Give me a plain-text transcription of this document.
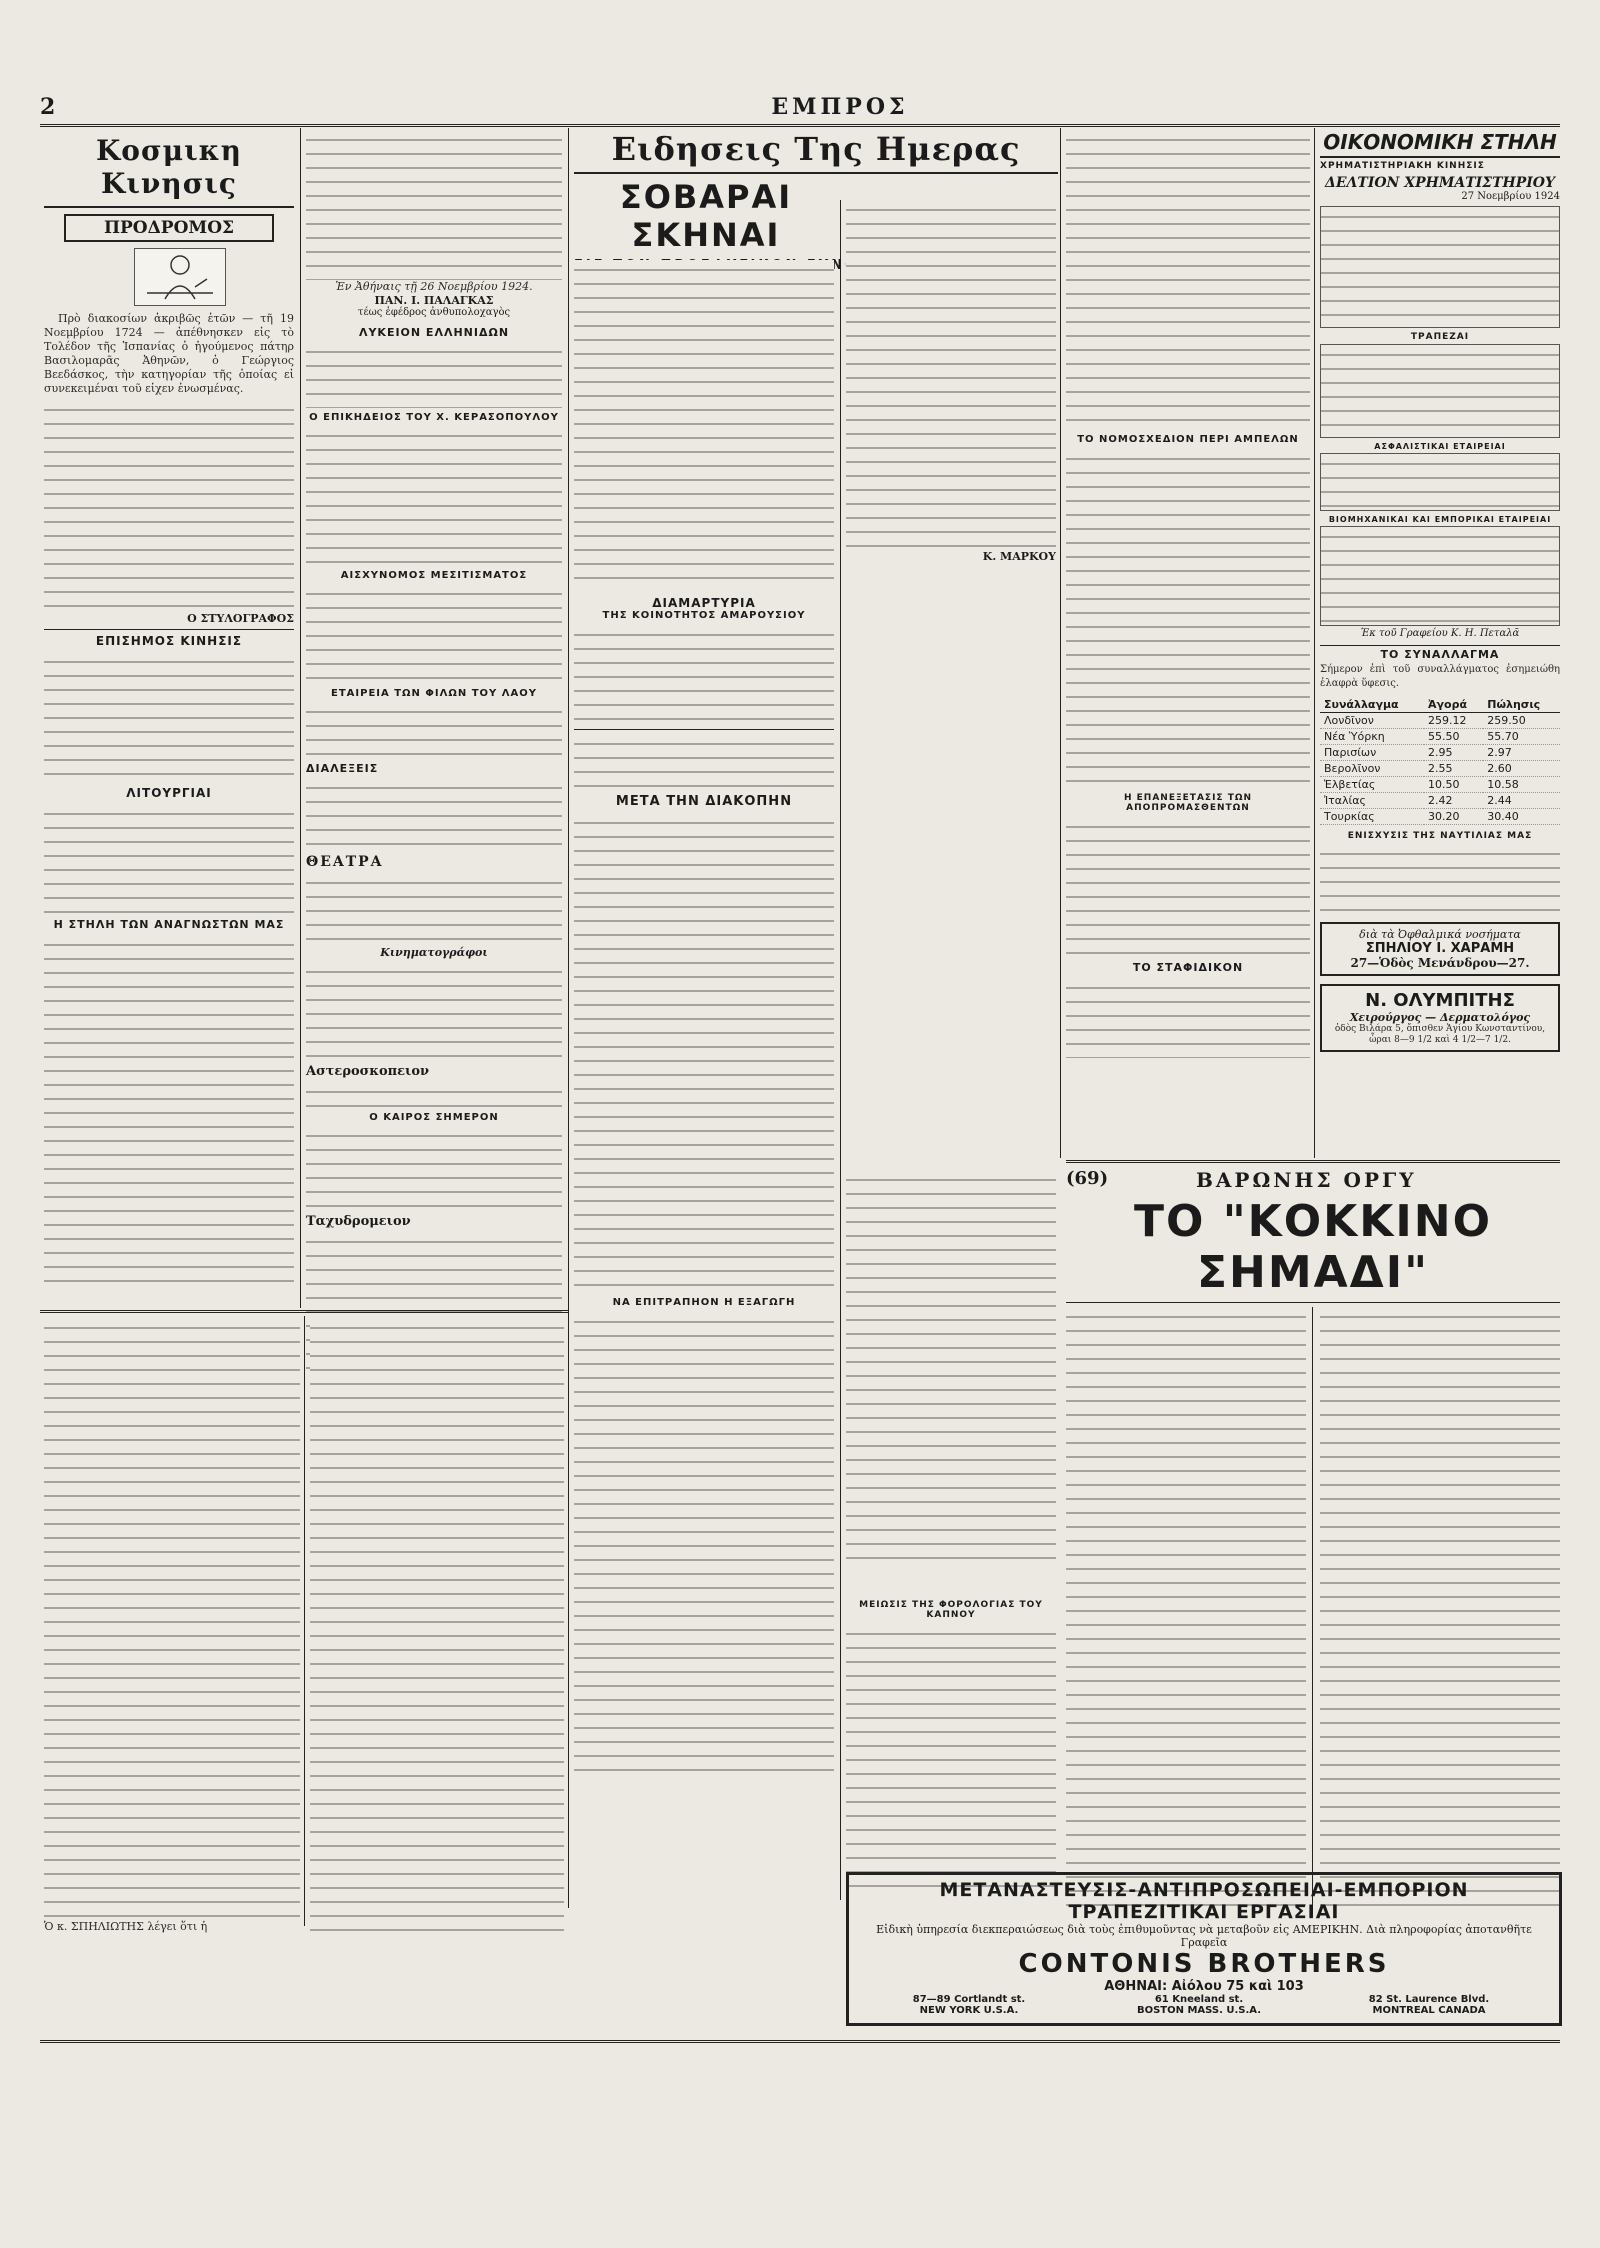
2	ΕΜΠΡΟΣ
Κοσμικη Κινησις
ΠΡΟΔΡΟΜΟΣ
Πρὸ διακοσίων ἀκριβῶς ἐτῶν — τῆ 19 Νοεμβρίου 1724 — ἀπέθνησκεν εἰς τὸ Τολέδον τῆς Ἱσπανίας ὁ ἡγούμενος πάτηρ Βασιλομαρᾶς Ἀθηνῶν, ὁ Γεώργιος Βεεδάσκος, τὴν κατηγορίαν τῆς ὁποίας εἰ συνεκειμέναι τοῦ εἰχεν ἐνωσμένας.
Ο ΣΤΥΛΟΓΡΑΦΟΣ
ΕΠΙΣΗΜΟΣ ΚΙΝΗΣΙΣ
ΛΙΤΟΥΡΓΙΑΙ
Η ΣΤΗΛΗ ΤΩΝ ΑΝΑΓΝΩΣΤΩΝ ΜΑΣ
Ἐν Ἀθήναις τῇ 26 Νοεμβρίου 1924.
ΠΑΝ. Ι. ΠΑΛΑΓΚΑΣ
τέως ἐφέδρος ἀνθυπολοχαγὸς
ΛΥΚΕΙΟΝ ΕΛΛΗΝΙΔΩΝ
Ο ΕΠΙΚΗΔΕΙΟΣ ΤΟΥ Χ. ΚΕΡΑΣΟΠΟΥΛΟΥ
ΑΙΣΧΥΝΟΜΟΣ ΜΕΣΙΤΙΣΜΑΤΟΣ
ΕΤΑΙΡΕΙΑ ΤΩΝ ΦΙΛΩΝ ΤΟΥ ΛΑΟΥ
ΔΙΑΛΕΞΕΙΣ
ΘΕΑΤΡΑ
Κινηματογράφοι
Αστεροσκοπειον
Ο ΚΑΙΡΟΣ ΣΗΜΕΡΟΝ
Ταχυδρομειον
Ειδησεις Της Ημερας
ΣΟΒΑΡΑΙ ΣΚΗΝΑΙ
ΔΙΑΜΑΡΤΥΡΙΑ
ΤΗΣ ΚΟΙΝΟΤΗΤΟΣ ΑΜΑΡΟΥΣΙΟΥ
ΜΕΤΑ ΤΗΝ ΔΙΑΚΟΠΗΝ
ΝΑ ΕΠΙΤΡΑΠΗΟΝ Η ΕΞΑΓΩΓΗ
Κ. ΜΑΡΚΟΥ
ΤΟ ΝΟΜΟΣΧΕΔΙΟΝ ΠΕΡΙ ΑΜΠΕΛΩΝ
Η ΕΠΑΝΕΞΕΤΑΣΙΣ ΤΩΝ ΑΠΟΠΡΟΜΑΣΘΕΝΤΩΝ
ΤΟ ΣΤΑΦΙΔΙΚΟΝ
ΜΕΙΩΣΙΣ ΤΗΣ ΦΟΡΟΛΟΓΙΑΣ ΤΟΥ ΚΑΠΝΟΥ
ΟΙΚΟΝΟΜΙΚΗ ΣΤΗΛΗ
ΧΡΗΜΑΤΙΣΤΗΡΙΑΚΗ ΚΙΝΗΣΙΣ
ΔΕΛΤΙΟΝ ΧΡΗΜΑΤΙΣΤΗΡΙΟΥ
27 Νοεμβρίου 1924
ΤΡΑΠΕΖΑΙ
ΑΣΦΑΛΙΣΤΙΚΑΙ ΕΤΑΙΡΕΙΑΙ
ΒΙΟΜΗΧΑΝΙΚΑΙ ΚΑΙ ΕΜΠΟΡΙΚΑΙ ΕΤΑΙΡΕΙΑΙ
Ἐκ τοῦ Γραφείου Κ. Η. Πεταλᾶ
ΤΟ ΣΥΝΑΛΛΑΓΜΑ
Σήμερον ἐπὶ τοῦ συναλλάγματος ἐσημειώθη ἐλαφρὰ ὕφεσις.
Συνάλλαγμα	Ἀγορά	Πώλησις
Λονδῖνον	259.12	259.50
Νέα Ὑόρκη	55.50	55.70
Παρισίων	2.95	2.97
Βερολῖνον	2.55	2.60
Ἑλβετίας	10.50	10.58
Ἰταλίας	2.42	2.44
Τουρκίας	30.20	30.40
ΕΝΙΣΧΥΣΙΣ ΤΗΣ ΝΑΥΤΙΛΙΑΣ ΜΑΣ
διὰ τὰ Ὀφθαλμικά νοσήματα
ΣΠΗΛΙΟΥ Ι. ΧΑΡΑΜΗ
27—Ὁδὸς Μενάνδρου—27.
Ν. ΟΛΥΜΠΙΤΗΣ
Χειρούργος — Δερματολόγος
ὁδὸς Βιλάρα 5, ὄπισθεν Ἁγίου Κωνσταντίνου, ὧραι 8—9 1/2 καὶ 4 1/2—7 1/2.
(69)	ΒΑΡΩΝΗΣ ΟΡΓΥ
ΤΟ "ΚΟΚΚΙΝΟ ΣΗΜΑΔΙ"
ΜΕΤΑΝΑΣΤΕΥΣΙΣ-ΑΝΤΙΠΡΟΣΩΠΕΙΑΙ-ΕΜΠΟΡΙΟΝ
ΤΡΑΠΕΖΙΤΙΚΑΙ ΕΡΓΑΣΙΑΙ
Εἰδικὴ ὑπηρεσία διεκπεραιώσεως διὰ τοὺς ἐπιθυμοῦντας νὰ μεταβοῦν εἰς ΑΜΕΡΙΚΗΝ. Διὰ πληροφορίας ἀποτανθῆτε Γραφεῖα
CONTONIS BROTHERS
ΑΘΗΝΑΙ: Αἰόλου 75 καὶ 103
87—89 Cortlandt st.
NEW YORK U.S.A.
61 Kneeland st.
BOSTON MASS. U.S.A.
82 St. Laurence Blvd.
MONTREAL CANADA
Ὁ κ. ΣΠΗΛΙΩΤΗΣ λέγει ὅτι ἡ
